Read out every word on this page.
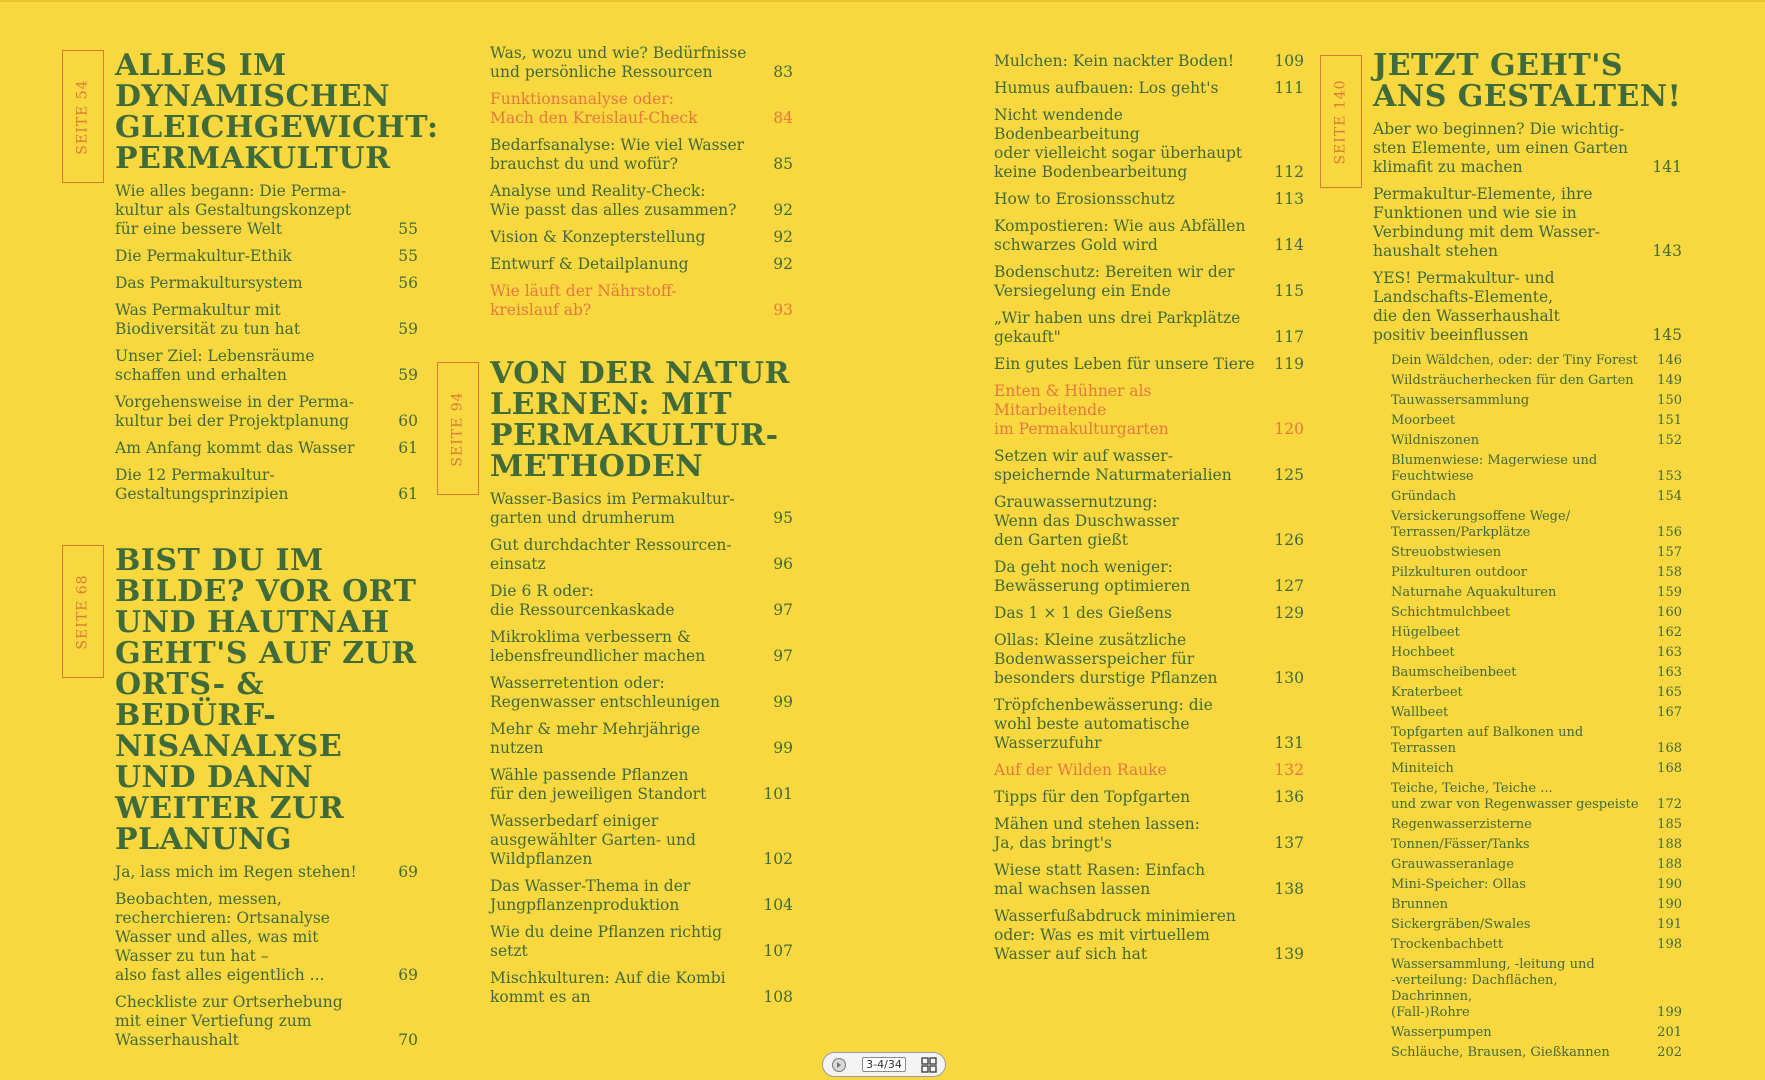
SEITE 54
ALLES IM DYNAMISCHEN GLEICHGEWICHT: PERMAKULTUR
Wie alles begann: Die Perma-
kultur als Gestaltungskonzept
für eine bessere Welt	55
Die Permakultur-Ethik	55
Das Permakultursystem	56
Was Permakultur mit
Biodiversität zu tun hat	59
Unser Ziel: Lebensräume
schaffen und erhalten	59
Vorgehensweise in der Perma-
kultur bei der Projektplanung	60
Am Anfang kommt das Wasser	61
Die 12 Permakultur-
Gestaltungsprinzipien	61
SEITE 68
BIST DU IM BILDE? VOR ORT UND HAUTNAH GEHT'S AUF ZUR ORTS- & BEDÜRF-NISANALYSE UND DANN WEITER ZUR PLANUNG
Ja, lass mich im Regen stehen!	69
Beobachten, messen,
recherchieren: Ortsanalyse
Wasser und alles, was mit
Wasser zu tun hat –
also fast alles eigentlich ...	69
Checkliste zur Ortserhebung
mit einer Vertiefung zum
Wasserhaushalt	70
Was, wozu und wie? Bedürfnisse
und persönliche Ressourcen	83
Funktionsanalyse oder:
Mach den Kreislauf-Check	84
Bedarfsanalyse: Wie viel Wasser
brauchst du und wofür?	85
Analyse und Reality-Check:
Wie passt das alles zusammen?	92
Vision & Konzepterstellung	92
Entwurf & Detailplanung	92
Wie läuft der Nährstoff-
kreislauf ab?	93
SEITE 94
VON DER NATUR LERNEN: MIT PERMAKULTUR-METHODEN
Wasser-Basics im Permakultur-
garten und drumherum	95
Gut durchdachter Ressourcen-
einsatz	96
Die 6 R oder:
die Ressourcenkaskade	97
Mikroklima verbessern &
lebensfreundlicher machen	97
Wasserretention oder:
Regenwasser entschleunigen	99
Mehr & mehr Mehrjährige nutzen	99
Wähle passende Pflanzen
für den jeweiligen Standort	101
Wasserbedarf einiger
ausgewählter Garten- und
Wildpflanzen	102
Das Wasser-Thema in der
Jungpflanzenproduktion	104
Wie du deine Pflanzen richtig
setzt	107
Mischkulturen: Auf die Kombi
kommt es an	108
Mulchen: Kein nackter Boden!	109
Humus aufbauen: Los geht's	111
Nicht wendende Bodenbearbeitung
oder vielleicht sogar überhaupt
keine Bodenbearbeitung	112
How to Erosionsschutz	113
Kompostieren: Wie aus Abfällen
schwarzes Gold wird	114
Bodenschutz: Bereiten wir der
Versiegelung ein Ende	115
„Wir haben uns drei Parkplätze
gekauft"	117
Ein gutes Leben für unsere Tiere	119
Enten & Hühner als Mitarbeitende
im Permakulturgarten	120
Setzen wir auf wasser-
speichernde Naturmaterialien	125
Grauwassernutzung:
Wenn das Duschwasser
den Garten gießt	126
Da geht noch weniger:
Bewässerung optimieren	127
Das 1 × 1 des Gießens	129
Ollas: Kleine zusätzliche
Bodenwasserspeicher für
besonders durstige Pflanzen	130
Tröpfchenbewässerung: die
wohl beste automatische
Wasserzufuhr	131
Auf der Wilden Rauke	132
Tipps für den Topfgarten	136
Mähen und stehen lassen:
Ja, das bringt's	137
Wiese statt Rasen: Einfach
mal wachsen lassen	138
Wasserfußabdruck minimieren
oder: Was es mit virtuellem
Wasser auf sich hat	139
SEITE 140
JETZT GEHT'S ANS GESTALTEN!
Aber wo beginnen? Die wichtig-
sten Elemente, um einen Garten
klimafit zu machen	141
Permakultur-Elemente, ihre
Funktionen und wie sie in
Verbindung mit dem Wasser-
haushalt stehen	143
YES! Permakultur- und
Landschafts-Elemente,
die den Wasserhaushalt
positiv beeinflussen	145
Dein Wäldchen, oder: der Tiny Forest	146
Wildsträucherhecken für den Garten	149
Tauwassersammlung	150
Moorbeet	151
Wildniszonen	152
Blumenwiese: Magerwiese und
Feuchtwiese	153
Gründach	154
Versickerungsoffene Wege/
Terrassen/Parkplätze	156
Streuobstwiesen	157
Pilzkulturen outdoor	158
Naturnahe Aquakulturen	159
Schichtmulchbeet	160
Hügelbeet	162
Hochbeet	163
Baumscheibenbeet	163
Kraterbeet	165
Wallbeet	167
Topfgarten auf Balkonen und Terrassen	168
Miniteich	168
Teiche, Teiche, Teiche ...
und zwar von Regenwasser gespeiste	172
Regenwasserzisterne	185
Tonnen/Fässer/Tanks	188
Grauwasseranlage	188
Mini-Speicher: Ollas	190
Brunnen	190
Sickergräben/Swales	191
Trockenbachbett	198
Wassersammlung, -leitung und
-verteilung: Dachflächen, Dachrinnen,
(Fall-)Rohre	199
Wasserpumpen	201
Schläuche, Brausen, Gießkannen	202
3-4/34
